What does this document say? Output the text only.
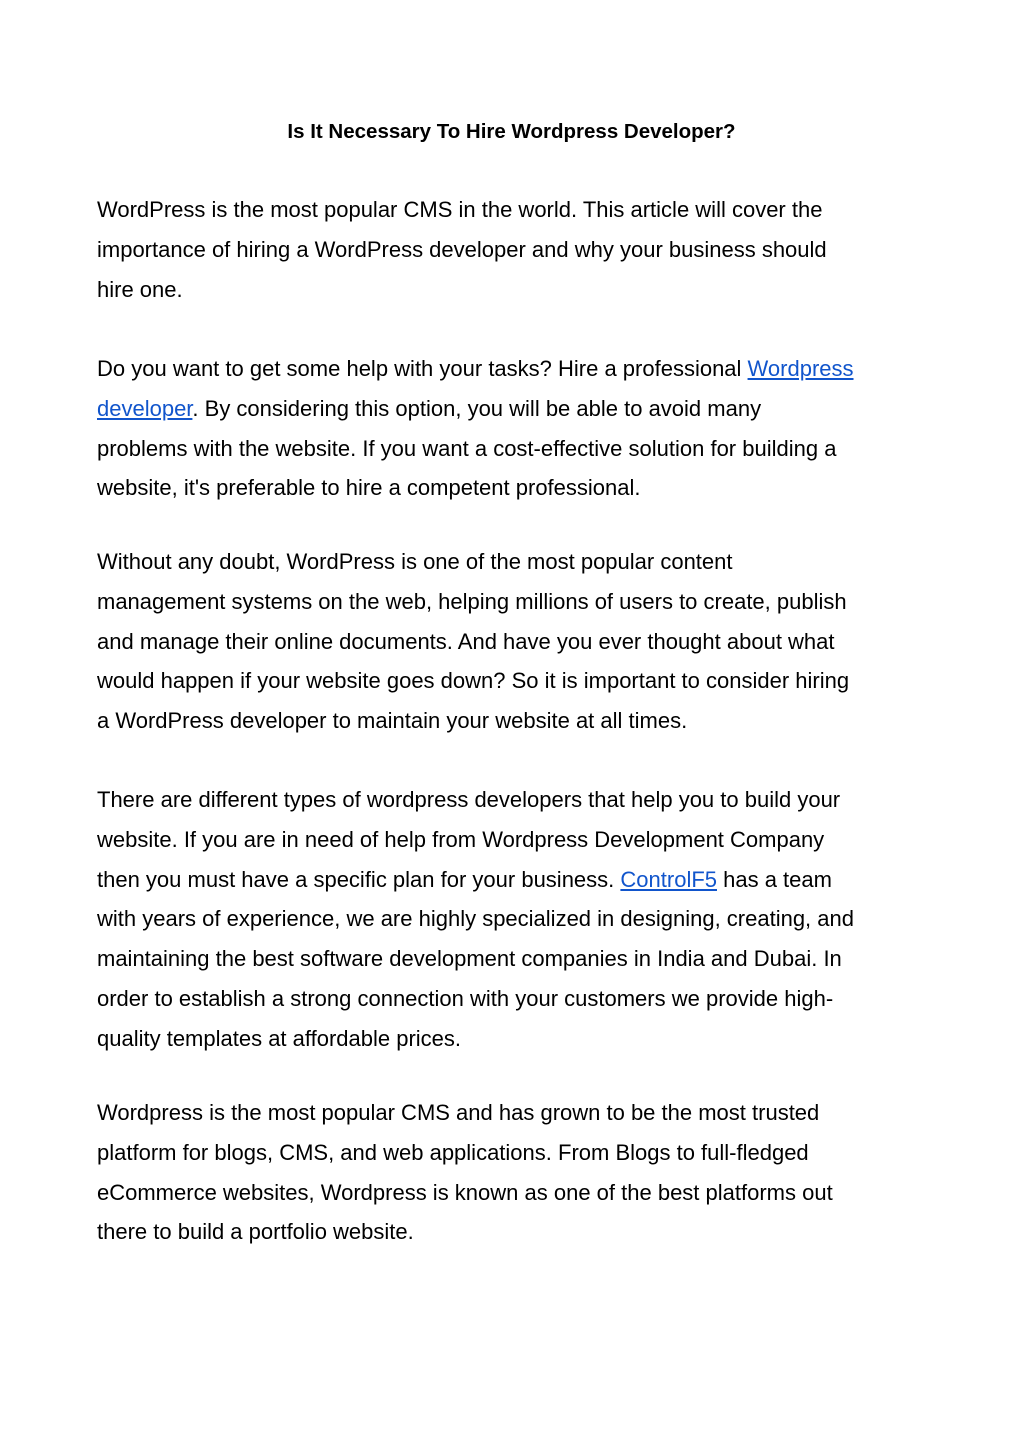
Is It Necessary To Hire Wordpress Developer?

WordPress is the most popular CMS in the world. This article will cover the
importance of hiring a WordPress developer and why your business should
hire one.

Do you want to get some help with your tasks? Hire a professional Wordpress
developer. By considering this option, you will be able to avoid many
problems with the website. If you want a cost-effective solution for building a
website, it's preferable to hire a competent professional.

Without any doubt, WordPress is one of the most popular content
management systems on the web, helping millions of users to create, publish
and manage their online documents. And have you ever thought about what
would happen if your website goes down? So it is important to consider hiring
a WordPress developer to maintain your website at all times.

There are different types of wordpress developers that help you to build your
website. If you are in need of help from Wordpress Development Company
then you must have a specific plan for your business. ControlF5 has a team
with years of experience, we are highly specialized in designing, creating, and
maintaining the best software development companies in India and Dubai. In
order to establish a strong connection with your customers we provide high-
quality templates at affordable prices.

Wordpress is the most popular CMS and has grown to be the most trusted
platform for blogs, CMS, and web applications. From Blogs to full-fledged
eCommerce websites, Wordpress is known as one of the best platforms out
there to build a portfolio website.
